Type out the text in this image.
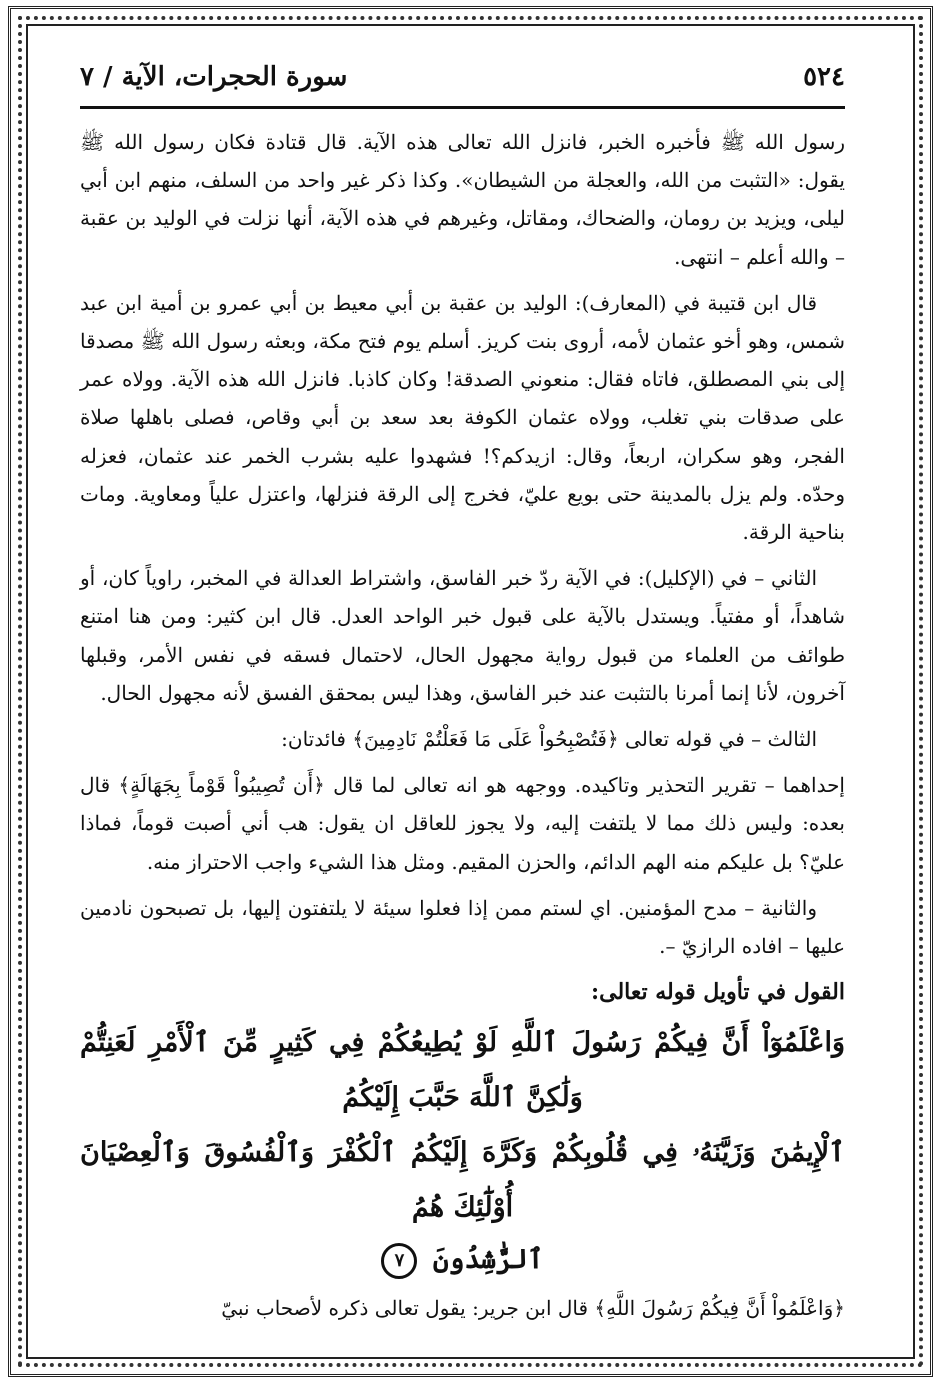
٥٢٤
سورة الحجرات، الآية / ٧

رسول الله ﷺ فأخبره الخبر، فانزل الله تعالى هذه الآية. قال قتادة فكان رسول الله ﷺ يقول: «التثبت من الله، والعجلة من الشيطان». وكذا ذكر غير واحد من السلف، منهم ابن أبي ليلى، ويزيد بن رومان، والضحاك، ومقاتل، وغيرهم في هذه الآية، أنها نزلت في الوليد بن عقبة – والله أعلم – انتهى.

قال ابن قتيبة في (المعارف): الوليد بن عقبة بن أبي معيط بن أبي عمرو بن أمية ابن عبد شمس، وهو أخو عثمان لأمه، أروى بنت كريز. أسلم يوم فتح مكة، وبعثه رسول الله ﷺ مصدقا إلى بني المصطلق، فاتاه فقال: منعوني الصدقة! وكان كاذبا. فانزل الله هذه الآية. وولاه عمر على صدقات بني تغلب، وولاه عثمان الكوفة بعد سعد بن أبي وقاص، فصلى باهلها صلاة الفجر، وهو سكران، اربعاً، وقال: ازيدكم؟! فشهدوا عليه بشرب الخمر عند عثمان، فعزله وحدّه. ولم يزل بالمدينة حتى بويع عليّ، فخرج إلى الرقة فنزلها، واعتزل علياً ومعاوية. ومات بناحية الرقة.

الثاني – في (الإكليل): في الآية ردّ خبر الفاسق، واشتراط العدالة في المخبر، راوياً كان، أو شاهداً، أو مفتياً. ويستدل بالآية على قبول خبر الواحد العدل. قال ابن كثير: ومن هنا امتنع طوائف من العلماء من قبول رواية مجهول الحال، لاحتمال فسقه في نفس الأمر، وقبلها آخرون، لأنا إنما أمرنا بالتثبت عند خبر الفاسق، وهذا ليس بمحقق الفسق لأنه مجهول الحال.

الثالث – في قوله تعالى ﴿فَتُصْبِحُواْ عَلَى مَا فَعَلْتُمْ نَادِمِينَ﴾ فائدتان:

إحداهما – تقرير التحذير وتاكيده. ووجهه هو انه تعالى لما قال ﴿أَن تُصِيبُواْ قَوْماً بِجَهَالَةٍ﴾ قال بعده: وليس ذلك مما لا يلتفت إليه، ولا يجوز للعاقل ان يقول: هب أني أصبت قوماً، فماذا عليّ؟ بل عليكم منه الهم الدائم، والحزن المقيم. ومثل هذا الشيء واجب الاحتراز منه.

والثانية – مدح المؤمنين. اي لستم ممن إذا فعلوا سيئة لا يلتفتون إليها، بل تصبحون نادمين عليها – افاده الرازيّ –.

القول في تأويل قوله تعالى:

وَاعْلَمُوٓاْ أَنَّ فِيكُمْ رَسُولَ ٱللَّهِ لَوْ يُطِيعُكُمْ فِي كَثِيرٍ مِّنَ ٱلْأَمْرِ لَعَنِتُّمْ وَلَٰكِنَّ ٱللَّهَ حَبَّبَ إِلَيْكُمُ

ٱلْإِيمَٰنَ وَزَيَّنَهُۥ فِي قُلُوبِكُمْ وَكَرَّهَ إِلَيْكُمُ ٱلْكُفْرَ وَٱلْفُسُوقَ وَٱلْعِصْيَانَ أُوْلَٰٓئِكَ هُمُ

ٱلرَّٰشِدُونَ ٧

﴿وَاعْلَمُواْ أَنَّ فِيكُمْ رَسُولَ اللَّهِ﴾ قال ابن جرير: يقول تعالى ذكره لأصحاب نبيّ
